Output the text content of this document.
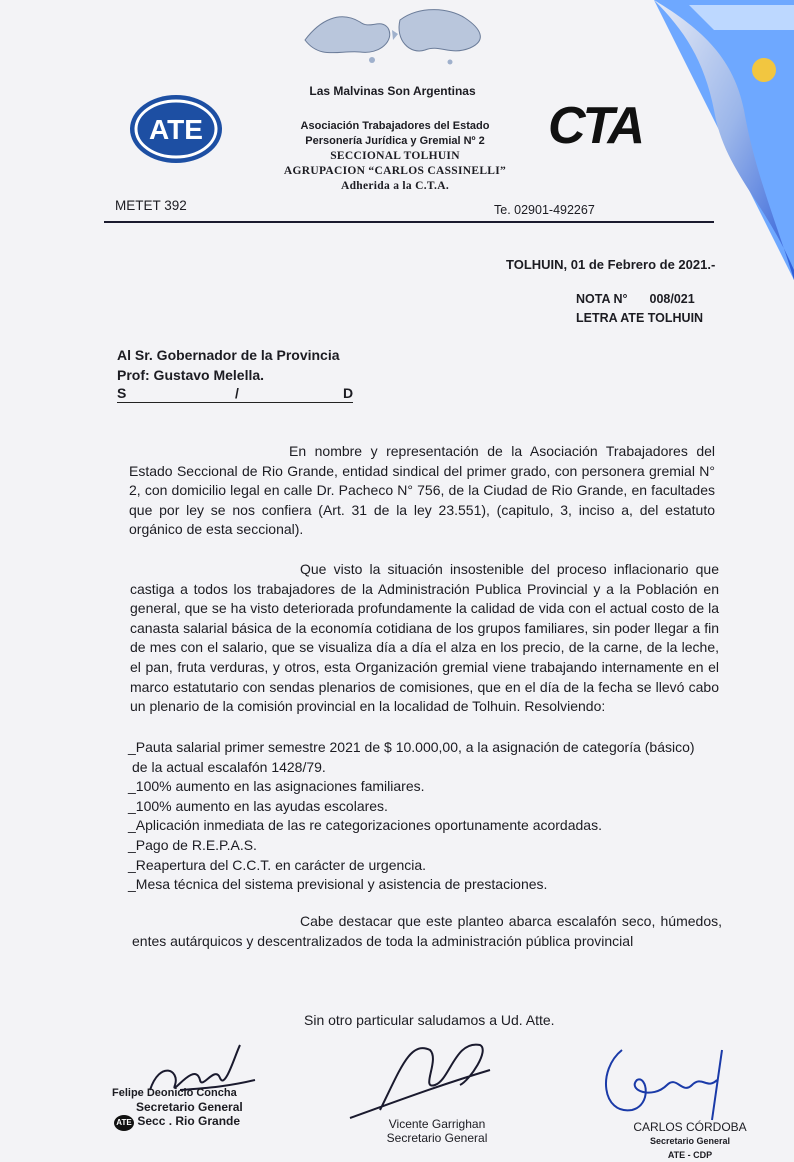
Las Malvinas Son Argentinas
ATE	CTA
Asociación Trabajadores del Estado
Personería Jurídica y Gremial Nº 2
SECCIONAL TOLHUIN
AGRUPACION “CARLOS CASSINELLI”
Adherida a la C.T.A.
METET 392	Te. 02901-492267
TOLHUIN, 01 de Febrero de 2021.-
NOTA N° 008/021
LETRA ATE TOLHUIN
Al Sr. Gobernador de la Provincia
Prof: Gustavo Melella.
S	/	D
En nombre y representación de la Asociación Trabajadores del Estado Seccional de Rio Grande, entidad sindical del primer grado, con personera gremial N° 2, con domicilio legal en calle Dr. Pacheco N° 756, de la Ciudad de Rio Grande, en facultades que por ley se nos confiera (Art. 31 de la ley 23.551), (capitulo, 3, inciso a, del estatuto orgánico de esta seccional).
Que visto la situación insostenible del proceso inflacionario que castiga a todos los trabajadores de la Administración Publica Provincial y a la Población en general, que se ha visto deteriorada profundamente la calidad de vida con el actual costo de la canasta salarial básica de la economía cotidiana de los grupos familiares, sin poder llegar a fin de mes con el salario, que se visualiza día a día el alza en los precio, de la carne, de la leche, el pan, fruta verduras, y otros, esta Organización gremial viene trabajando internamente en el marco estatutario con sendas plenarios de comisiones, que en el día de la fecha se llevó cabo un plenario de la comisión provincial en la localidad de Tolhuin. Resolviendo:
_Pauta salarial primer semestre 2021 de $ 10.000,00, a la asignación de categoría (básico)
de la actual escalafón 1428/79.
_100% aumento en las asignaciones familiares.
_100% aumento en las ayudas escolares.
_Aplicación inmediata de las re categorizaciones oportunamente acordadas.
_Pago de R.E.P.A.S.
_Reapertura del C.C.T. en carácter de urgencia.
_Mesa técnica del sistema previsional y asistencia de prestaciones.
Cabe destacar que este planteo abarca escalafón seco, húmedos, entes autárquicos y descentralizados de toda la administración pública provincial
Sin otro particular saludamos a Ud. Atte.
Felipe Deonicio Concha
Secretario General
ATE Secc . Rio Grande	Vicente Garrighan
Secretario General
CARLOS CÓRDOBA
Secretario General
ATE - CDP
